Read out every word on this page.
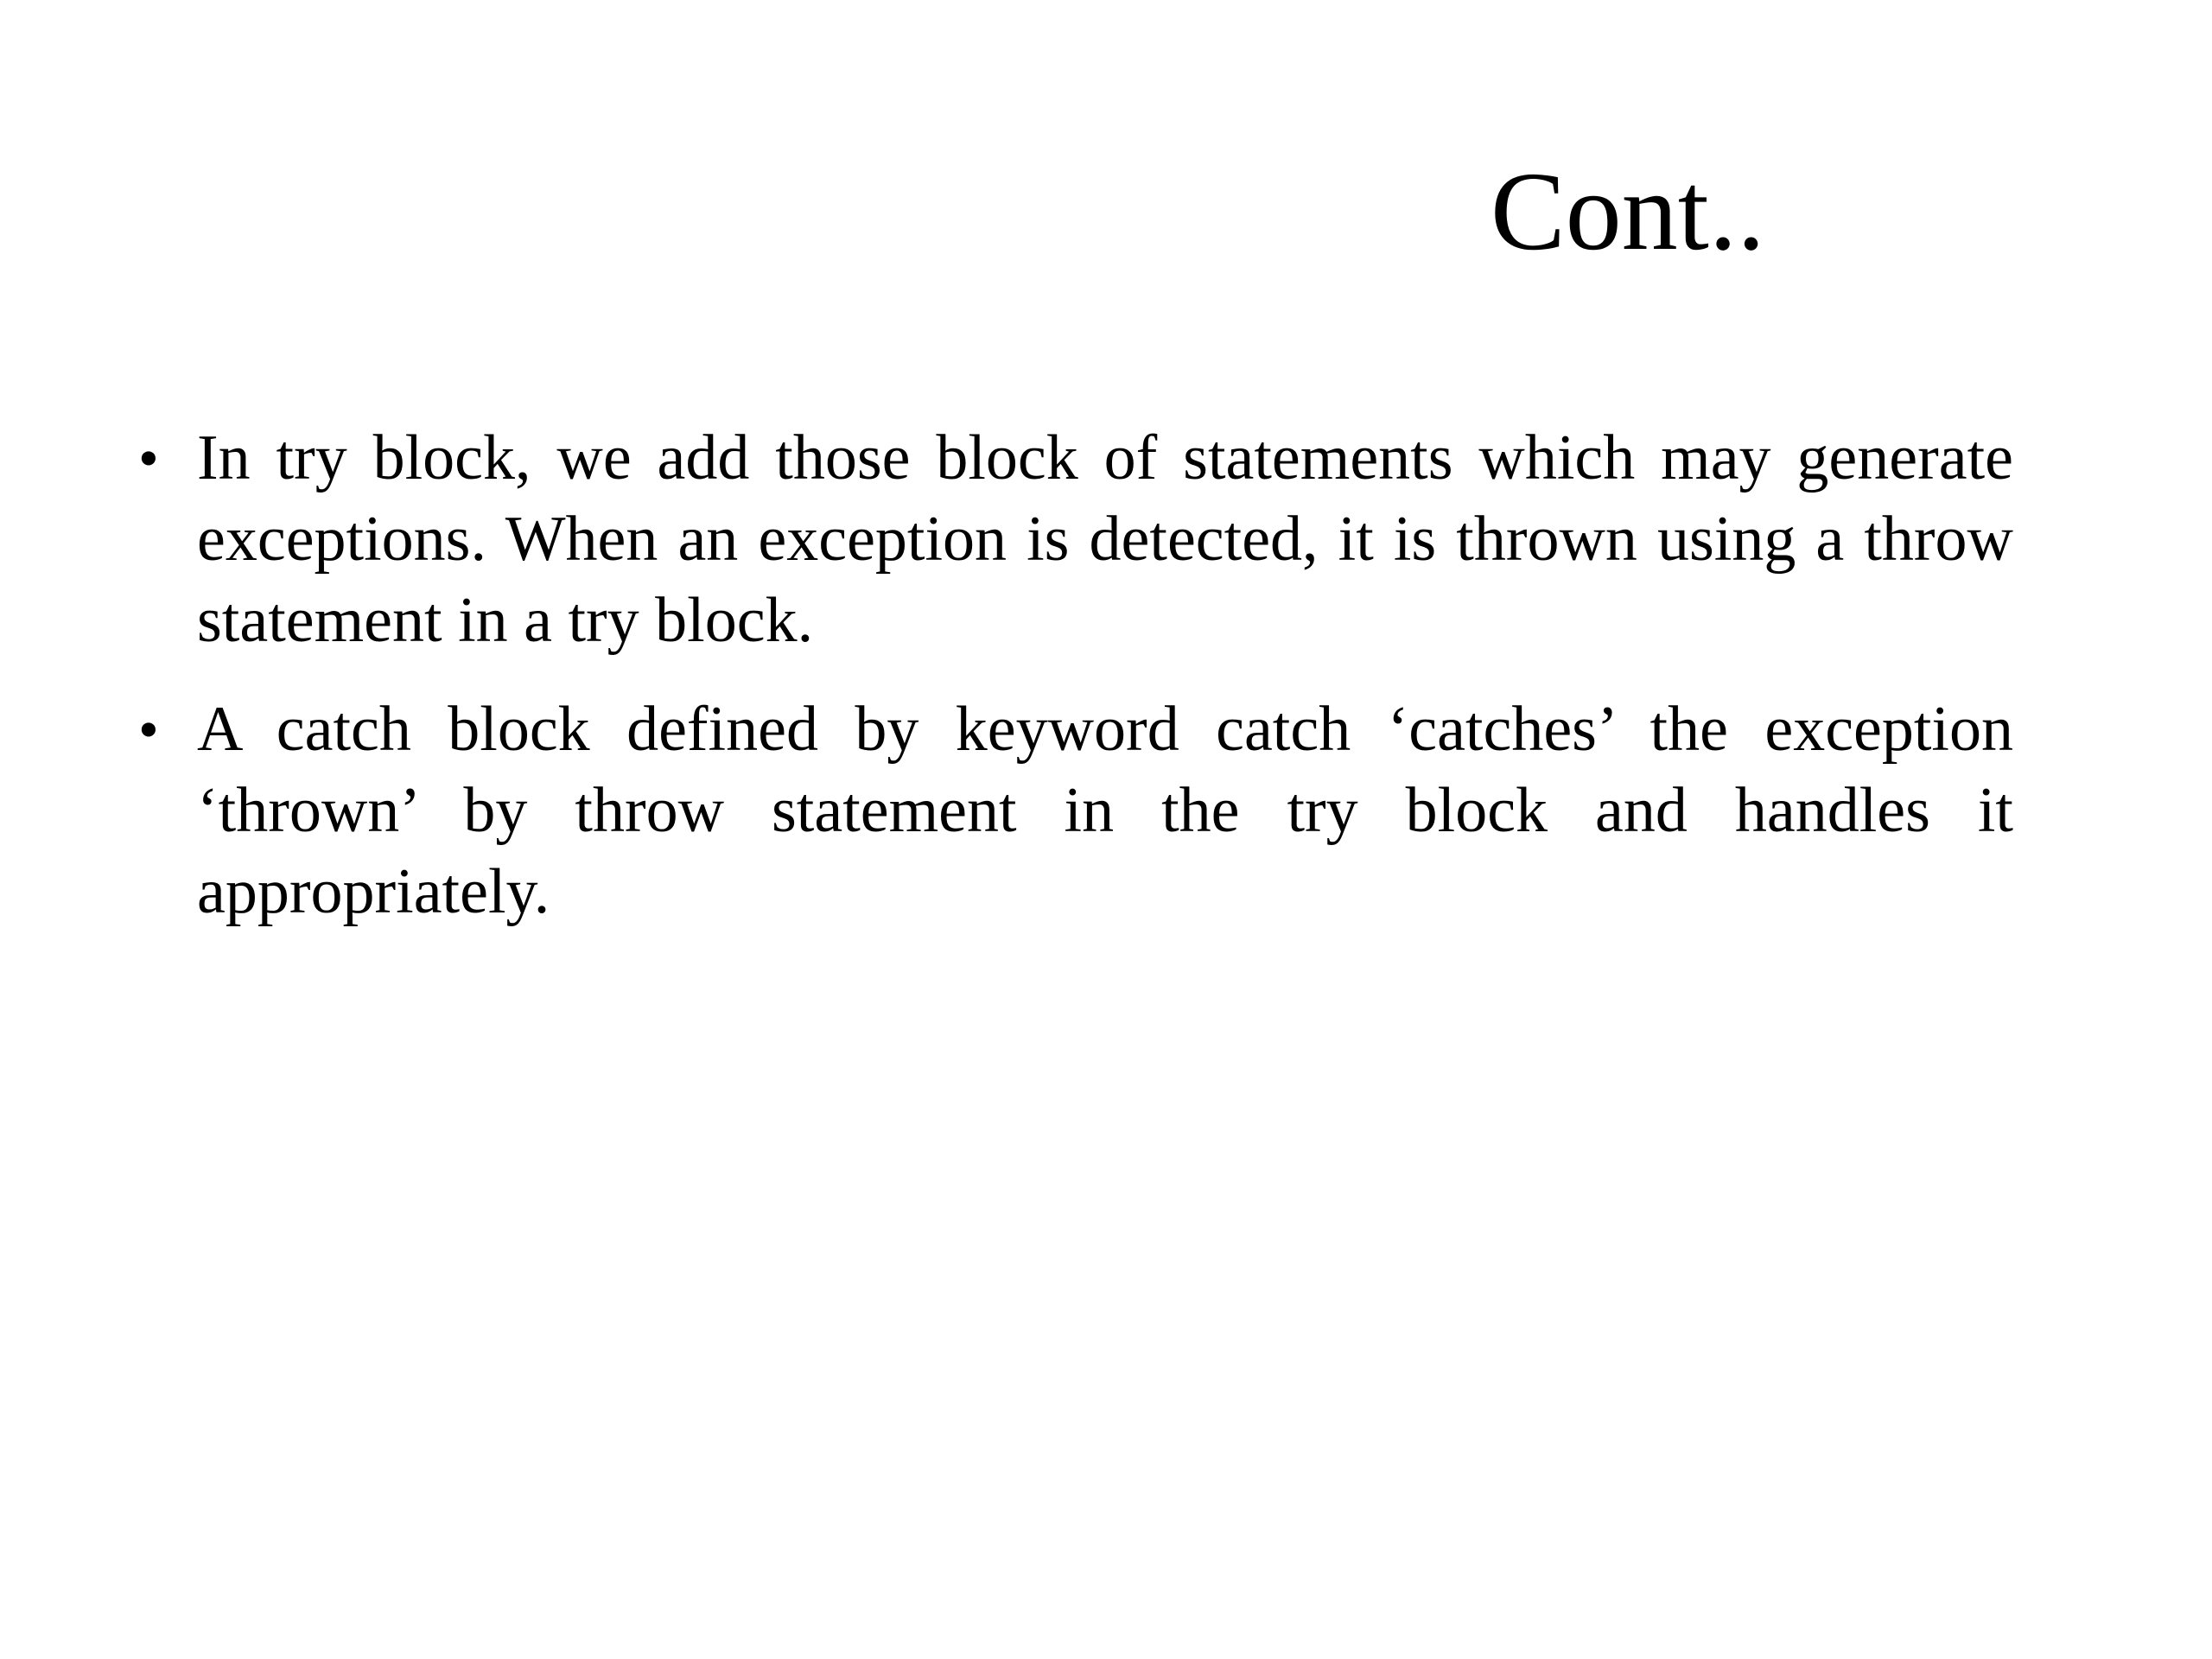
Cont..
• In try block, we add those block of statements which may generate exceptions. When an exception is detected, it is thrown using a throw statement in a try block.
• A catch block defined by keyword catch ‘catches’ the exception ‘thrown’ by throw statement in the try block and handles it appropriately.
